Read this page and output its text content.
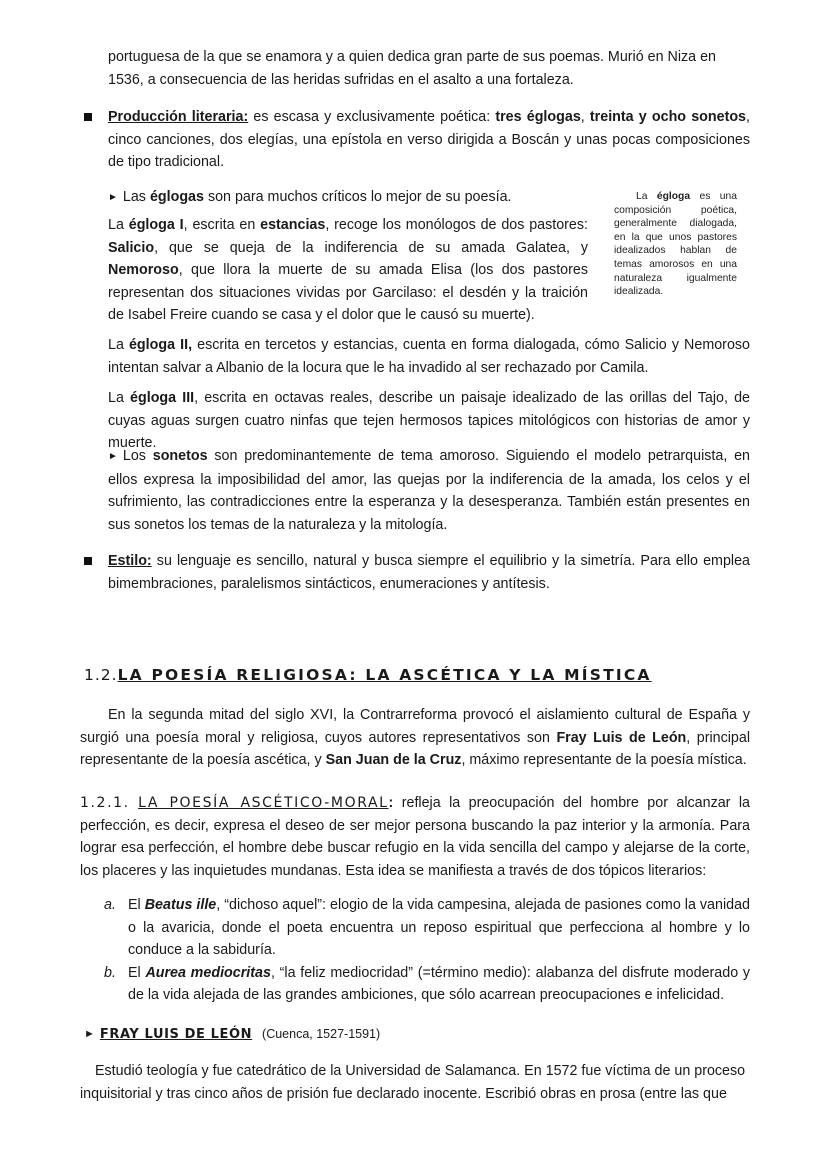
portuguesa de la que se enamora y a quien dedica gran parte de sus poemas. Murió en Niza en
1536, a consecuencia de las heridas sufridas en el asalto a una fortaleza.
Producción literaria: es escasa y exclusivamente poética: tres églogas, treinta y ocho sonetos, cinco canciones, dos elegías, una epístola en verso dirigida a Boscán y unas pocas composiciones de tipo tradicional.
► Las églogas son para muchos críticos lo mejor de su poesía.	La égloga es una composición poética, generalmente dialogada, en la que unos pastores idealizados hablan de temas amorosos en una naturaleza igualmente idealizada.
La égloga I, escrita en estancias, recoge los monólogos de dos pastores: Salicio, que se queja de la indiferencia de su amada Galatea, y Nemoroso, que llora la muerte de su amada Elisa (los dos pastores representan dos situaciones vividas por Garcilaso: el desdén y la traición de Isabel Freire cuando se casa y el dolor que le causó su muerte).
La égloga II, escrita en tercetos y estancias, cuenta en forma dialogada, cómo Salicio y Nemoroso intentan salvar a Albanio de la locura que le ha invadido al ser rechazado por Camila.
La égloga III, escrita en octavas reales, describe un paisaje idealizado de las orillas del Tajo, de cuyas aguas surgen cuatro ninfas que tejen hermosos tapices mitológicos con historias de amor y muerte.
► Los sonetos son predominantemente de tema amoroso. Siguiendo el modelo petrarquista, en ellos expresa la imposibilidad del amor, las quejas por la indiferencia de la amada, los celos y el sufrimiento, las contradicciones entre la esperanza y la desesperanza. También están presentes en sus sonetos los temas de la naturaleza y la mitología.
Estilo: su lenguaje es sencillo, natural y busca siempre el equilibrio y la simetría. Para ello emplea bimembraciones, paralelismos sintácticos, enumeraciones y antítesis.
1.2.LA POESÍA RELIGIOSA: LA ASCÉTICA Y LA MÍSTICA
En la segunda mitad del siglo XVI, la Contrarreforma provocó el aislamiento cultural de España y surgió una poesía moral y religiosa, cuyos autores representativos son Fray Luis de León, principal representante de la poesía ascética, y San Juan de la Cruz, máximo representante de la poesía mística.
1.2.1. LA POESÍA ASCÉTICO-MORAL: refleja la preocupación del hombre por alcanzar la perfección, es decir, expresa el deseo de ser mejor persona buscando la paz interior y la armonía. Para lograr esa perfección, el hombre debe buscar refugio en la vida sencilla del campo y alejarse de la corte, los placeres y las inquietudes mundanas. Esta idea se manifiesta a través de dos tópicos literarios:
a. El Beatus ille, “dichoso aquel”: elogio de la vida campesina, alejada de pasiones como la vanidad o la avaricia, donde el poeta encuentra un reposo espiritual que perfecciona al hombre y lo conduce a la sabiduría.
b. El Aurea mediocritas, “la feliz mediocridad” (=término medio): alabanza del disfrute moderado y de la vida alejada de las grandes ambiciones, que sólo acarrean preocupaciones e infelicidad.
► FRAY LUIS DE LEÓN (Cuenca, 1527-1591)
Estudió teología y fue catedrático de la Universidad de Salamanca. En 1572 fue víctima de un proceso
inquisitorial y tras cinco años de prisión fue declarado inocente. Escribió obras en prosa (entre las que
